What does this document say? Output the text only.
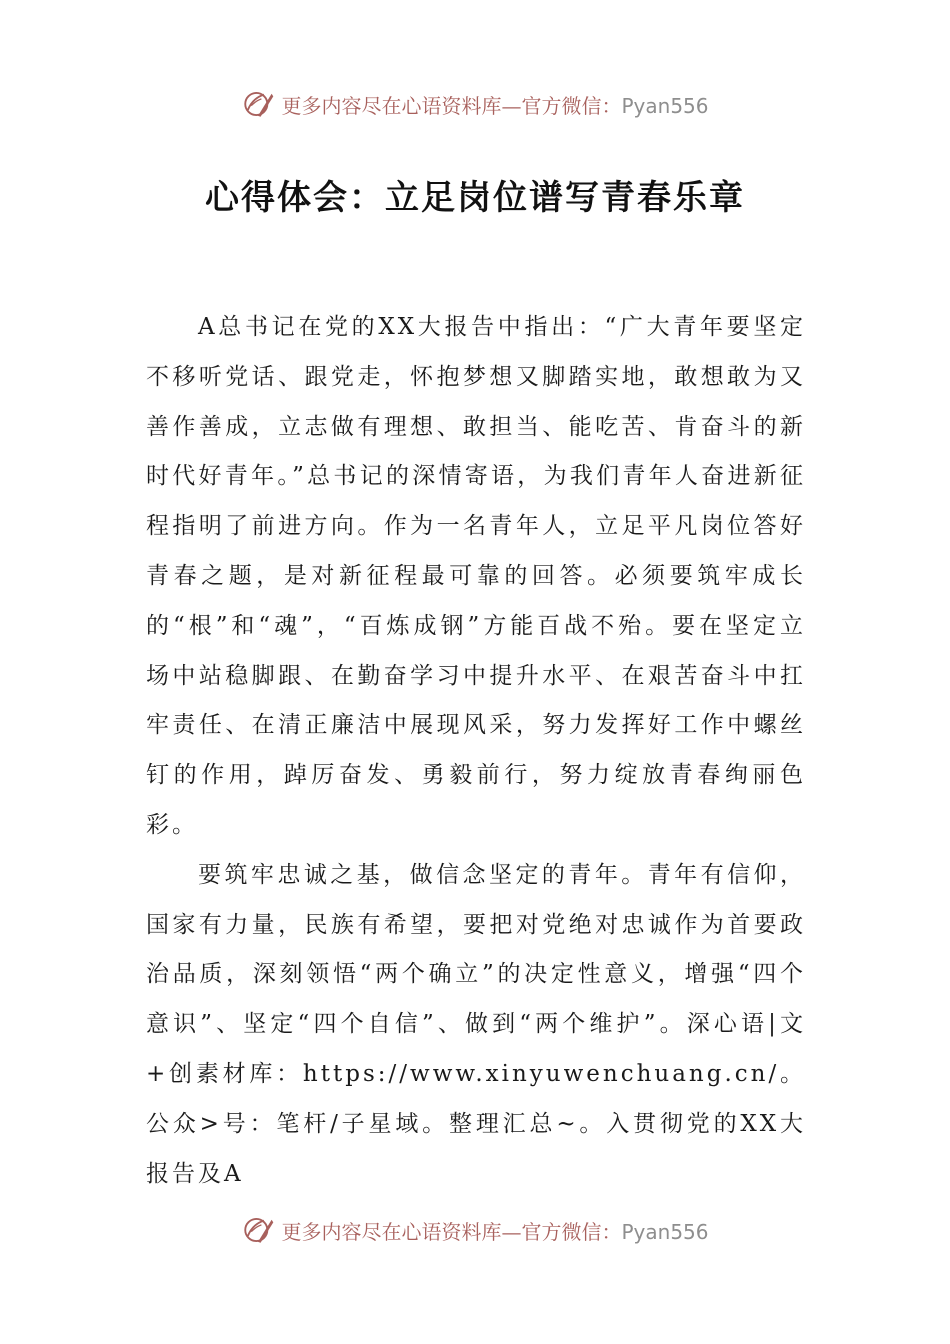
更多内容尽在心语资料库—官方微信：Pyan556
心得体会：立足岗位谱写青春乐章

A总书记在党的XX大报告中指出：“广大青年要坚定不移听党话、跟党走，怀抱梦想又脚踏实地，敢想敢为又善作善成，立志做有理想、敢担当、能吃苦、肯奋斗的新时代好青年。”总书记的深情寄语，为我们青年人奋进新征程指明了前进方向。作为一名青年人，立足平凡岗位答好青春之题，是对新征程最可靠的回答。必须要筑牢成长的“根”和“魂”，“百炼成钢”方能百战不殆。要在坚定立场中站稳脚跟、在勤奋学习中提升水平、在艰苦奋斗中扛牢责任、在清正廉洁中展现风采，努力发挥好工作中螺丝钉的作用，踔厉奋发、勇毅前行，努力绽放青春绚丽色彩。

要筑牢忠诚之基，做信念坚定的青年。青年有信仰，国家有力量，民族有希望，要把对党绝对忠诚作为首要政治品质，深刻领悟“两个确立”的决定性意义，增强“四个意识”、坚定“四个自信”、做到“两个维护”。深心语|文+创素材库：https://www.xinyuwenchuang.cn/。公众>号：笔杆/子星域。整理汇总~。入贯彻党的XX大报告及A

更多内容尽在心语资料库—官方微信：Pyan556
